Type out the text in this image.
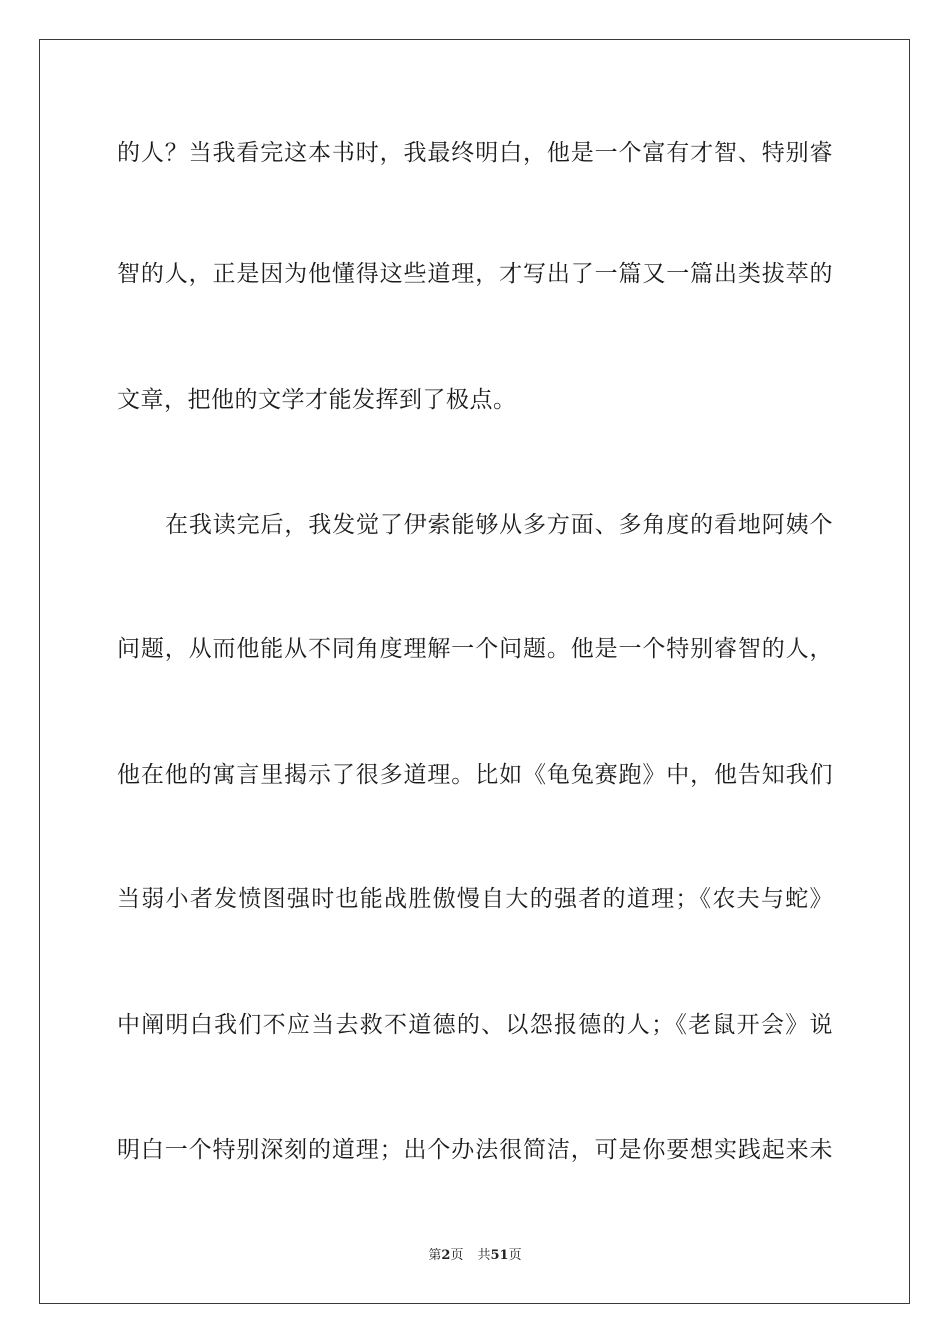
的人？当我看完这本书时，我最终明白，他是一个富有才智、特别睿
智的人，正是因为他懂得这些道理，才写出了一篇又一篇出类拔萃的
文章，把他的文学才能发挥到了极点。
在我读完后，我发觉了伊索能够从多方面、多角度的看地阿姨个
问题，从而他能从不同角度理解一个问题。他是一个特别睿智的人，
他在他的寓言里揭示了很多道理。比如《龟兔赛跑》中，他告知我们
当弱小者发愤图强时也能战胜傲慢自大的强者的道理；《农夫与蛇》
中阐明白我们不应当去救不道德的、以怨报德的人；《老鼠开会》说
明白一个特别深刻的道理；出个办法很简洁，可是你要想实践起来未
第2页 共51页
